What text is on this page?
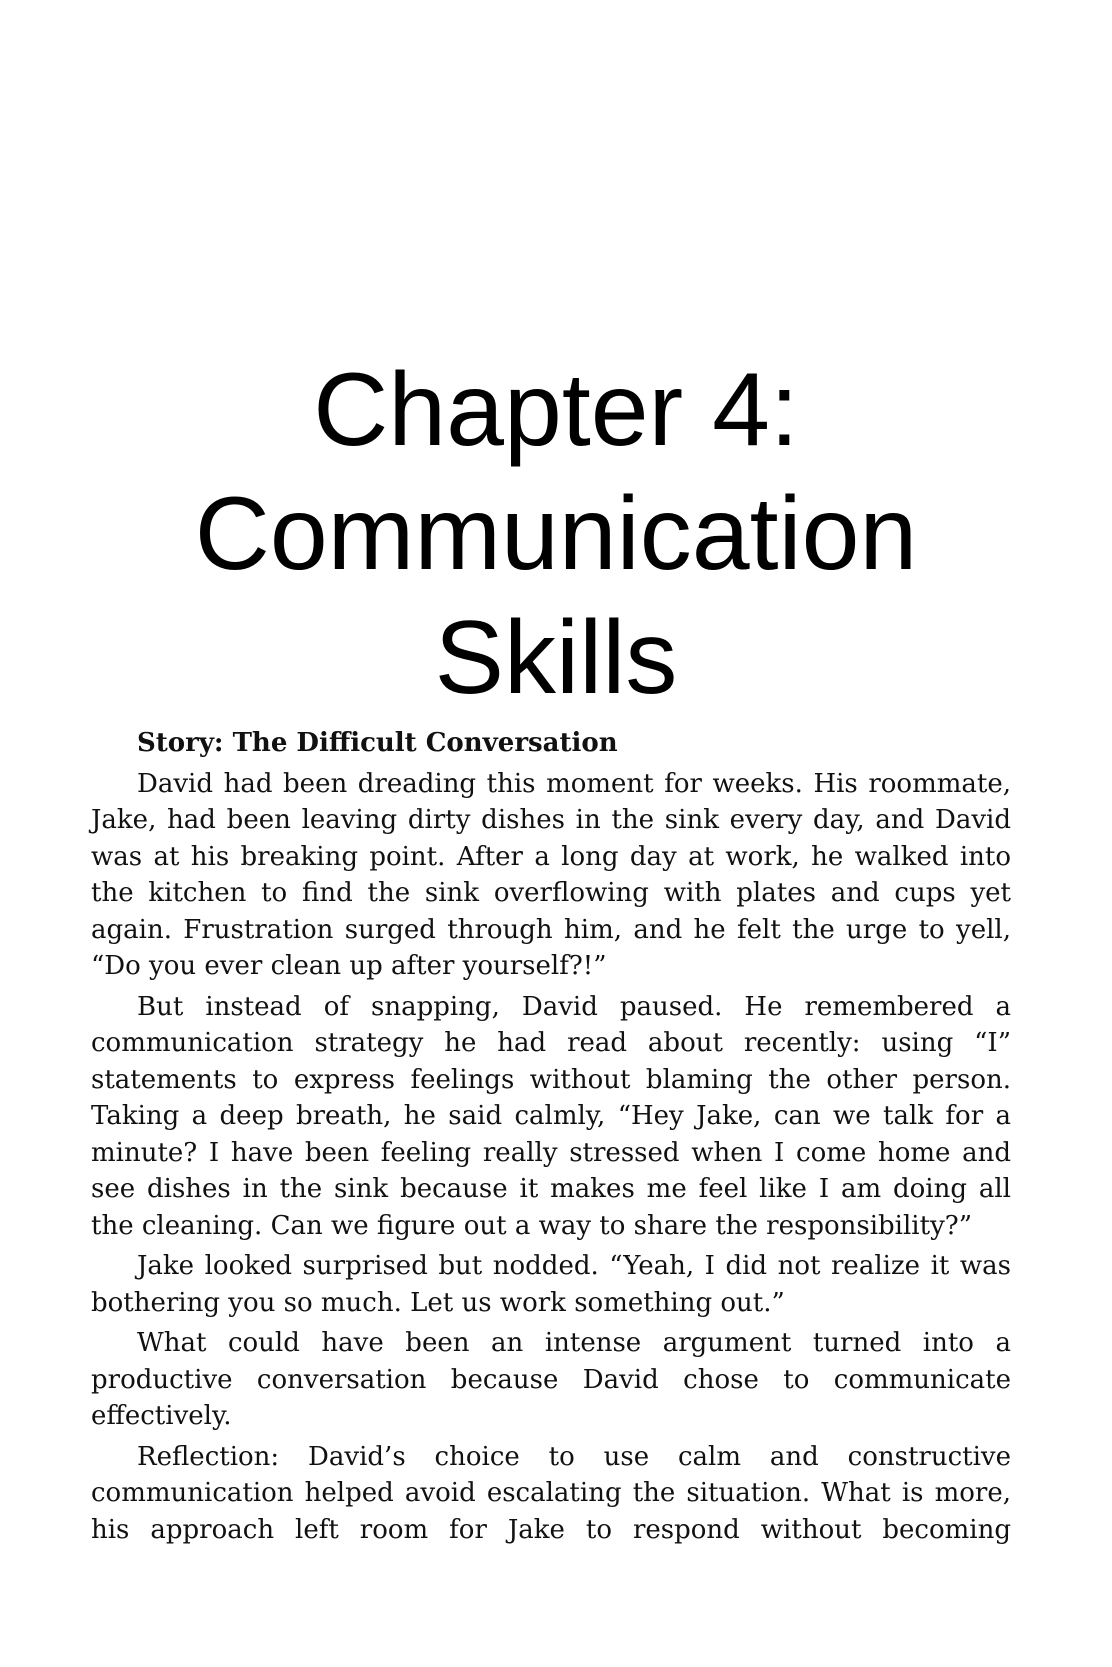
Chapter 4:
Communication
Skills
Story: The Difficult Conversation

David had been dreading this moment for weeks. His roommate, Jake, had been leaving dirty dishes in the sink every day, and David was at his breaking point. After a long day at work, he walked into the kitchen to find the sink overflowing with plates and cups yet again. Frustration surged through him, and he felt the urge to yell, “Do you ever clean up after yourself?!”

But instead of snapping, David paused. He remembered a communication strategy he had read about recently: using “I” statements to express feelings without blaming the other person. Taking a deep breath, he said calmly, “Hey Jake, can we talk for a minute? I have been feeling really stressed when I come home and see dishes in the sink because it makes me feel like I am doing all the cleaning. Can we figure out a way to share the responsibility?”

Jake looked surprised but nodded. “Yeah, I did not realize it was bothering you so much. Let us work something out.”

What could have been an intense argument turned into a productive conversation because David chose to communicate effectively.

Reflection: David’s choice to use calm and constructive communication helped avoid escalating the situation. What is more, his approach left room for Jake to respond without becoming
